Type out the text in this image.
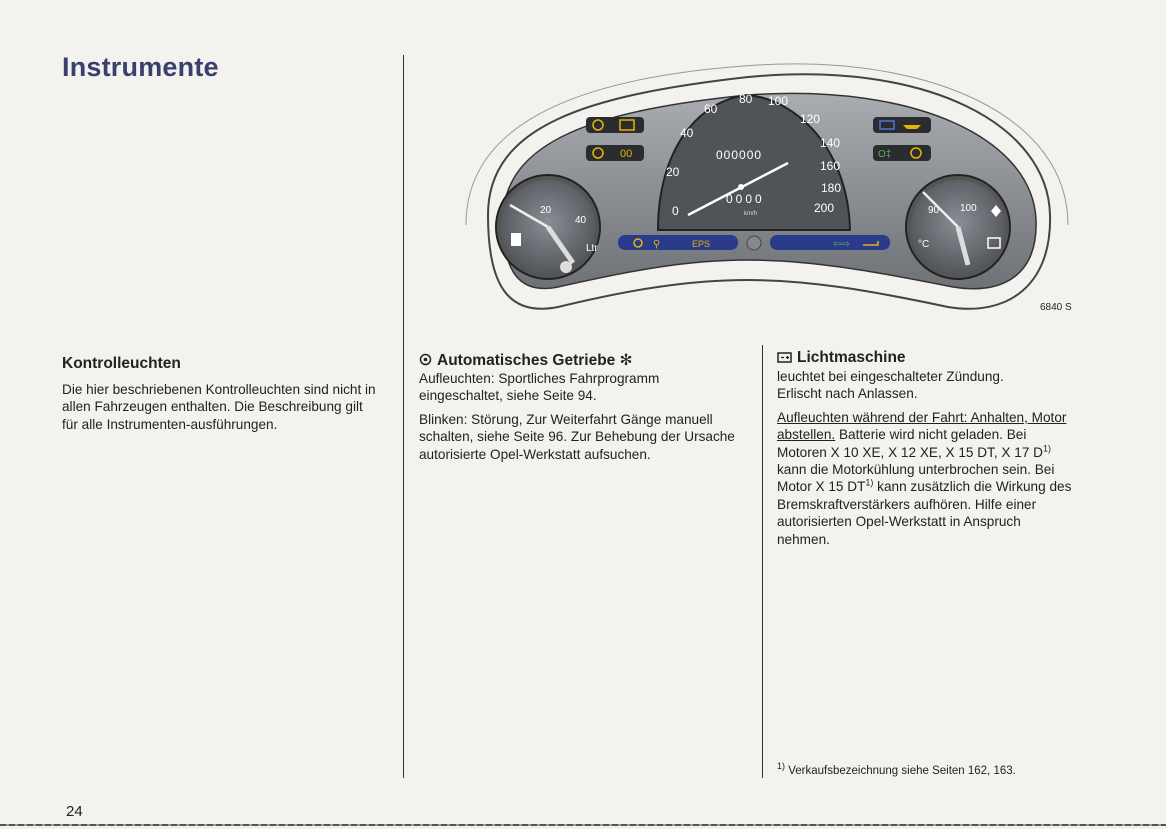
Instrumente
20
40
Ltr
0
20
40
60
80 100
120
140
160
180
200
000000
0000
km/h
00	O‡
90 100
°C
⚲	EPS	⇦⇨
6840 S
Kontrolleuchten
Die hier beschriebenen Kontrolleuchten sind nicht in allen Fahrzeugen enthalten. Die Beschreibung gilt für alle Instrumenten-ausführungen.
Automatisches Getriebe ✻

Aufleuchten: Sportliches Fahrprogramm
eingeschaltet, siehe Seite 94.

Blinken: Störung, Zur Weiterfahrt Gänge manuell schalten, siehe Seite 96. Zur Behebung der Ursache autorisierte Opel-Werkstatt aufsuchen.

Lichtmaschine

leuchtet bei eingeschalteter Zündung.
Erlischt nach Anlassen.

Aufleuchten während der Fahrt: Anhalten, Motor abstellen. Batterie wird nicht geladen. Bei Motoren X 10 XE, X 12 XE, X 15 DT, X 17 $D^{1)}$ kann die Motorkühlung unterbrochen sein. Bei Motor X 15 DT$^{1)}$ kann zusätzlich die Wirkung des Bremskraftverstärkers aufhören. Hilfe einer autorisierten Opel-Werkstatt in Anspruch nehmen.

$^{1)}$ Verkaufsbezeichnung siehe Seiten 162, 163.
24
